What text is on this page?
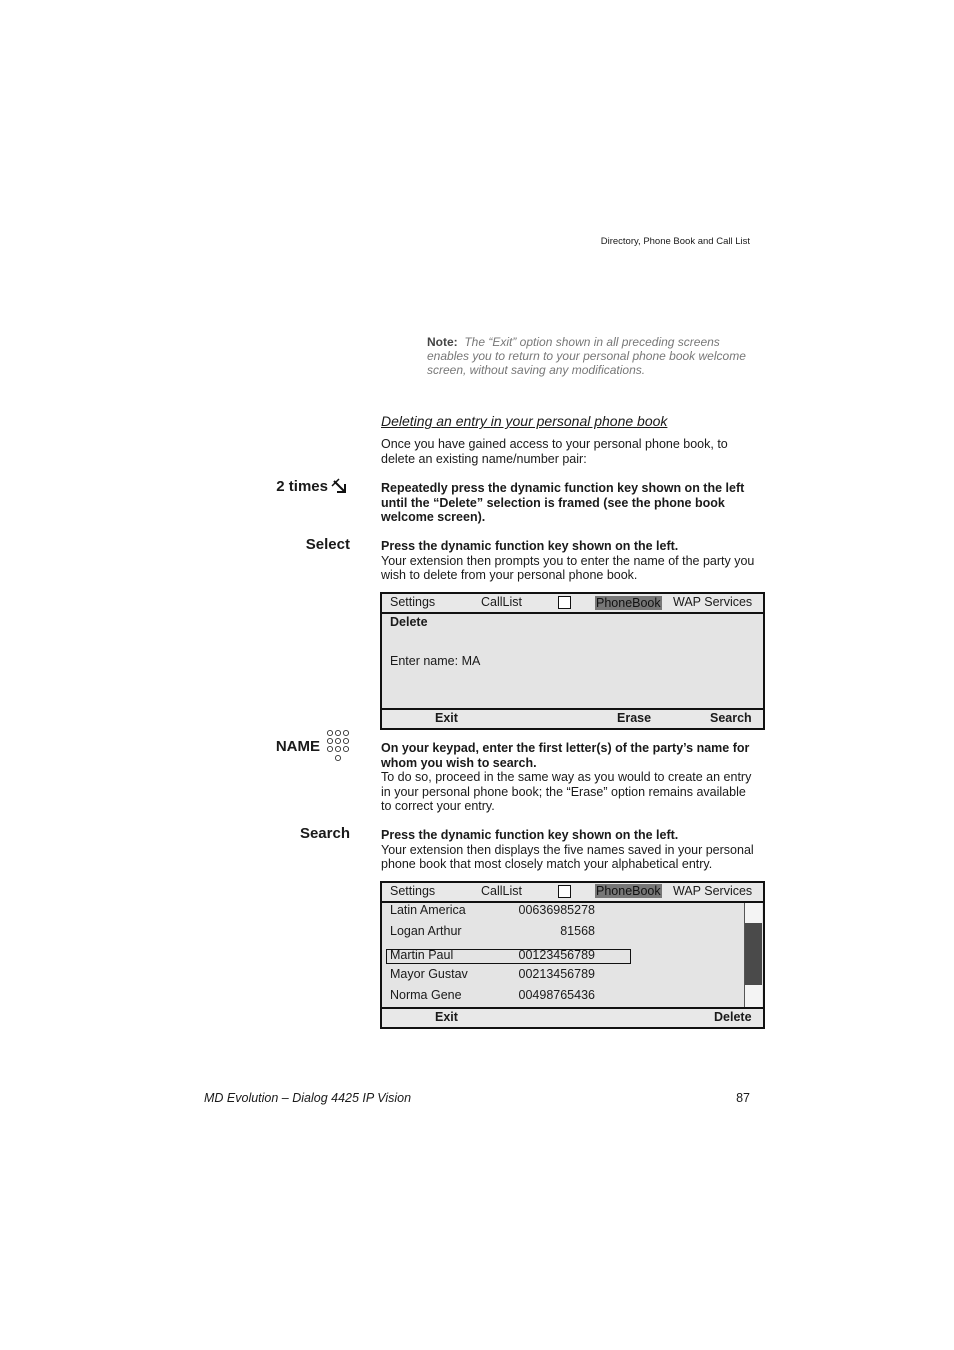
Directory, Phone Book and Call List
Note: The “Exit” option shown in all preceding screens enables you to return to your personal phone book welcome screen, without saving any modifications.
Deleting an entry in your personal phone book
Once you have gained access to your personal phone book, to delete an existing name/number pair:
2 times	Repeatedly press the dynamic function key shown on the left until the “Delete” selection is framed (see the phone book welcome screen).
Select Press the dynamic function key shown on the left.
Your extension then prompts you to enter the name of the party you wish to delete from your personal phone book.
Settings	CallList	PhoneBook WAP Services
Delete
Enter name: MA
Exit	Erase	Search
NAME	On your keypad, enter the first letter(s) of the party’s name for whom you wish to search.
To do so, proceed in the same way as you would to create an entry in your personal phone book; the “Erase” option remains available to correct your entry.
Search Press the dynamic function key shown on the left.
Your extension then displays the five names saved in your personal phone book that most closely match your alphabetical entry.
Settings	CallList	PhoneBook WAP Services
Latin America	00636985278
Logan Arthur	81568
Martin Paul	00123456789
Mayor Gustav	00213456789
Norma Gene	00498765436
Exit	Delete
MD Evolution – Dialog 4425 IP Vision	87
